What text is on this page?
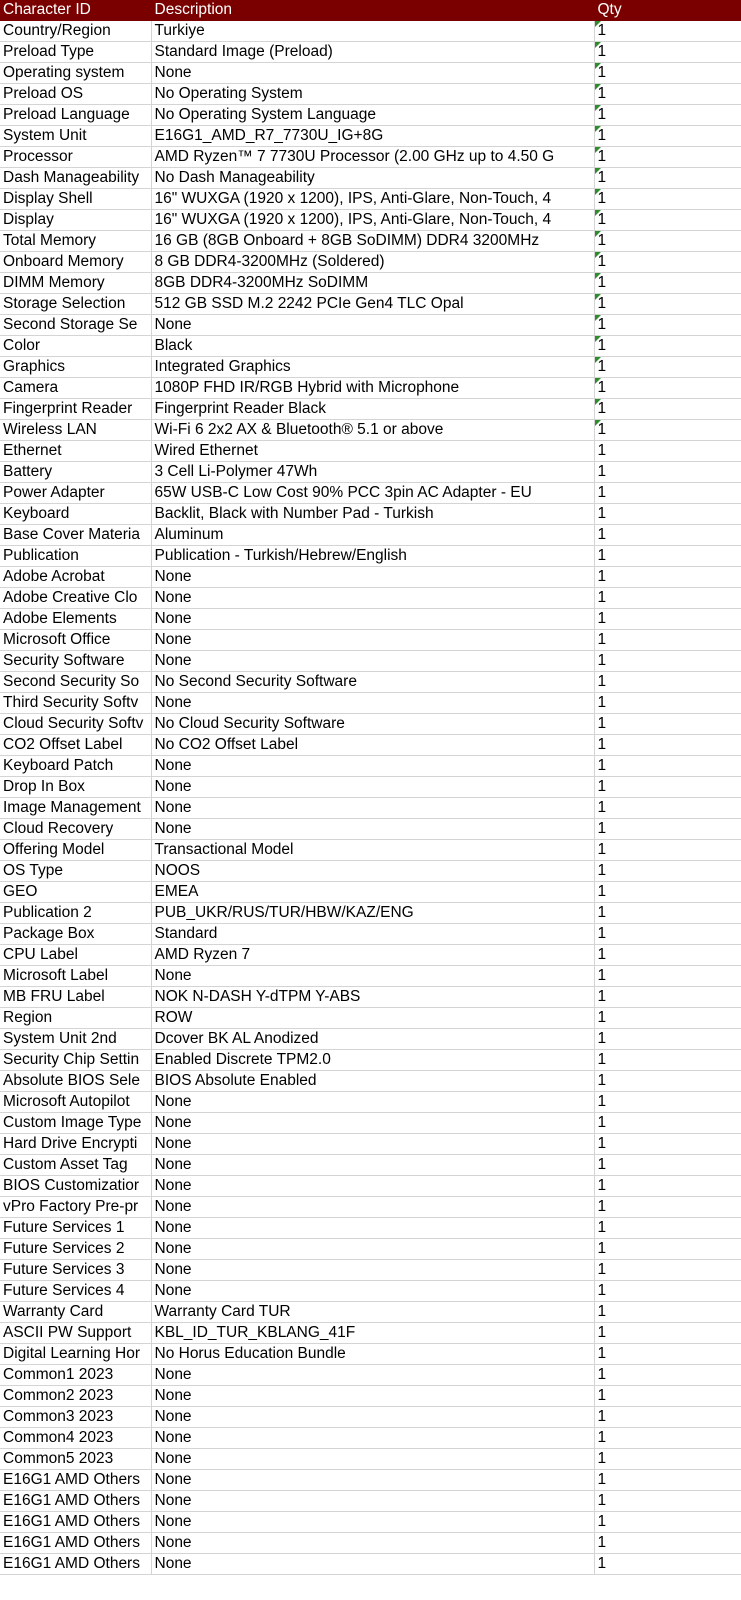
Character ID	Description	Qty
Country/Region	Turkiye	1
Preload Type	Standard Image (Preload)	1
Operating system	None	1
Preload OS	No Operating System	1
Preload Language	No Operating System Language	1
System Unit	E16G1_AMD_R7_7730U_IG+8G	1
Processor	AMD Ryzen™ 7 7730U Processor (2.00 GHz up to 4.50 G	1
Dash Manageability	No Dash Manageability	1
Display Shell	16" WUXGA (1920 x 1200), IPS, Anti-Glare, Non-Touch, 4	1
Display	16" WUXGA (1920 x 1200), IPS, Anti-Glare, Non-Touch, 4	1
Total Memory	16 GB (8GB Onboard + 8GB SoDIMM) DDR4 3200MHz	1
Onboard Memory	8 GB DDR4-3200MHz (Soldered)	1
DIMM Memory	8GB DDR4-3200MHz SoDIMM	1
Storage Selection	512 GB SSD M.2 2242 PCIe Gen4 TLC Opal	1
Second Storage Se	None	1
Color	Black	1
Graphics	Integrated Graphics	1
Camera	1080P FHD IR/RGB Hybrid with Microphone	1
Fingerprint Reader	Fingerprint Reader Black	1
Wireless LAN	Wi-Fi 6 2x2 AX & Bluetooth® 5.1 or above	1
Ethernet	Wired Ethernet	1
Battery	3 Cell Li-Polymer 47Wh	1
Power Adapter	65W USB-C Low Cost 90% PCC 3pin AC Adapter - EU	1
Keyboard	Backlit, Black with Number Pad - Turkish	1
Base Cover Materia	Aluminum	1
Publication	Publication - Turkish/Hebrew/English	1
Adobe Acrobat	None	1
Adobe Creative Clo	None	1
Adobe Elements	None	1
Microsoft Office	None	1
Security Software	None	1
Second Security So	No Second Security Software	1
Third Security Softv	None	1
Cloud Security Softv	No Cloud Security Software	1
CO2 Offset Label	No CO2 Offset Label	1
Keyboard Patch	None	1
Drop In Box	None	1
Image Management	None	1
Cloud Recovery	None	1
Offering Model	Transactional Model	1
OS Type	NOOS	1
GEO	EMEA	1
Publication 2	PUB_UKR/RUS/TUR/HBW/KAZ/ENG	1
Package Box	Standard	1
CPU Label	AMD Ryzen 7	1
Microsoft Label	None	1
MB FRU Label	NOK N-DASH Y-dTPM Y-ABS	1
Region	ROW	1
System Unit 2nd	Dcover BK AL Anodized	1
Security Chip Settin	Enabled Discrete TPM2.0	1
Absolute BIOS Sele	BIOS Absolute Enabled	1
Microsoft Autopilot	None	1
Custom Image Type	None	1
Hard Drive Encrypti	None	1
Custom Asset Tag	None	1
BIOS Customizatior	None	1
vPro Factory Pre-pr	None	1
Future Services 1	None	1
Future Services 2	None	1
Future Services 3	None	1
Future Services 4	None	1
Warranty Card	Warranty Card TUR	1
ASCII PW Support	KBL_ID_TUR_KBLANG_41F	1
Digital Learning Hor	No Horus Education Bundle	1
Common1 2023	None	1
Common2 2023	None	1
Common3 2023	None	1
Common4 2023	None	1
Common5 2023	None	1
E16G1 AMD Others	None	1
E16G1 AMD Others	None	1
E16G1 AMD Others	None	1
E16G1 AMD Others	None	1
E16G1 AMD Others	None	1
